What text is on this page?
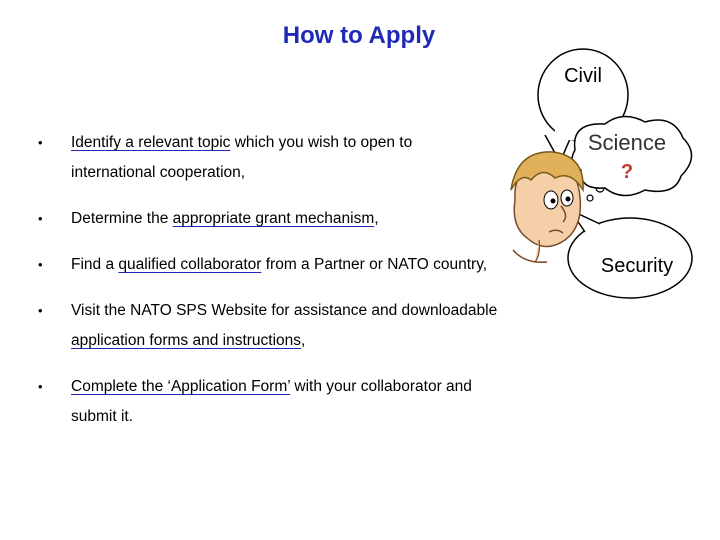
How to Apply
• Identify a relevant topic which you wish to open to international cooperation,
• Determine the appropriate grant mechanism,
• Find a qualified collaborator from a Partner or NATO country,
• Visit the NATO SPS Website for assistance and downloadable application forms and instructions,
• Complete the ‘Application Form’ with your collaborator and submit it.
Civil
Science
?
Security
